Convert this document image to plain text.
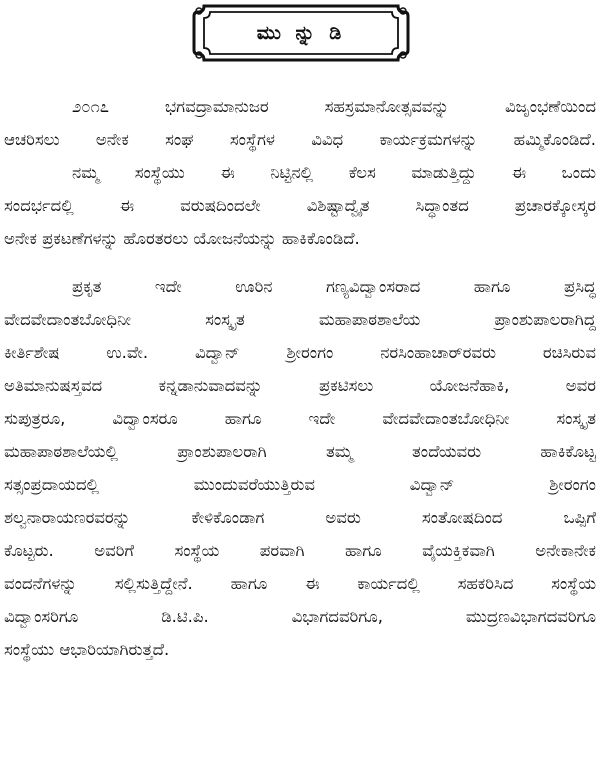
ಮು ನ್ನು ಡಿ
೨೦೧೭ ಭಗವದ್ರಾಮಾನುಜರ ಸಹಸ್ರಮಾನೋತ್ಸವವನ್ನು ವಿಜೃಂಭಣೆಯಿಂದ
ಆಚರಿಸಲು ಅನೇಕ ಸಂಘ ಸಂಸ್ಥೆಗಳ ವಿವಿಧ ಕಾರ್ಯಕ್ರಮಗಳನ್ನು ಹಮ್ಮಿಕೊಂಡಿದೆ.
ನಮ್ಮ ಸಂಸ್ಥೆಯು ಈ ನಿಟ್ಟಿನಲ್ಲಿ ಕೆಲಸ ಮಾಡುತ್ತಿದ್ದು ಈ ಒಂದು
ಸಂದರ್ಭದಲ್ಲಿ ಈ ವರುಷದಿಂದಲೇ ವಿಶಿಷ್ಟಾದ್ವೈತ ಸಿದ್ಧಾಂತದ ಪ್ರಚಾರಕ್ಕೋಸ್ಕರ
ಅನೇಕ ಪ್ರಕಟಣೆಗಳನ್ನು ಹೊರತರಲು ಯೋಜನೆಯನ್ನು ಹಾಕಿಕೊಂಡಿದೆ.
ಪ್ರಕೃತ ಇದೇ ಊರಿನ ಗಣ್ಯವಿದ್ವಾಂಸರಾದ ಹಾಗೂ ಪ್ರಸಿದ್ಧ
ವೇದವೇದಾಂತಬೋಧಿನೀ ಸಂಸ್ಕೃತ ಮಹಾಪಾಠಶಾಲೆಯ ಪ್ರಾಂಶುಪಾಲರಾಗಿದ್ದ
ಕೀರ್ತಿಶೇಷ ಉ.ವೇ. ವಿದ್ವಾನ್ ಶ್ರೀರಂಗಂ ನರಸಿಂಹಾಚಾರ್‌ರವರು ರಚಿಸಿರುವ
ಅತಿಮಾನುಷಸ್ತವದ ಕನ್ನಡಾನುವಾದವನ್ನು ಪ್ರಕಟಿಸಲು ಯೋಜನೆಹಾಕಿ, ಅವರ
ಸುಪುತ್ರರೂ, ವಿದ್ವಾಂಸರೂ ಹಾಗೂ ಇದೇ ವೇದವೇದಾಂತಬೋಧಿನೀ ಸಂಸ್ಕೃತ
ಮಹಾಪಾಠಶಾಲೆಯಲ್ಲಿ ಪ್ರಾಂಶುಪಾಲರಾಗಿ ತಮ್ಮ ತಂದೆಯವರು ಹಾಕಿಕೊಟ್ಟ
ಸತ್ಸಂಪ್ರದಾಯದಲ್ಲಿ ಮುಂದುವರೆಯುತ್ತಿರುವ ವಿದ್ವಾನ್ ಶ್ರೀರಂಗಂ
ಶಲ್ವನಾರಾಯಣರವರನ್ನು ಕೇಳಿಕೊಂಡಾಗ ಅವರು ಸಂತೋಷದಿಂದ ಒಪ್ಪಿಗೆ
ಕೊಟ್ಟರು. ಅವರಿಗೆ ಸಂಸ್ಥೆಯ ಪರವಾಗಿ ಹಾಗೂ ವೈಯಕ್ತಿಕವಾಗಿ ಅನೇಕಾನೇಕ
ವಂದನೆಗಳನ್ನು ಸಲ್ಲಿಸುತ್ತಿದ್ದೇನೆ. ಹಾಗೂ ಈ ಕಾರ್ಯದಲ್ಲಿ ಸಹಕರಿಸಿದ ಸಂಸ್ಥೆಯ
ವಿದ್ವಾಂಸರಿಗೂ ಡಿ.ಟಿ.ಪಿ. ವಿಭಾಗದವರಿಗೂ, ಮುದ್ರಣವಿಭಾಗದವರಿಗೂ
ಸಂಸ್ಥೆಯು ಆಭಾರಿಯಾಗಿರುತ್ತದೆ.
